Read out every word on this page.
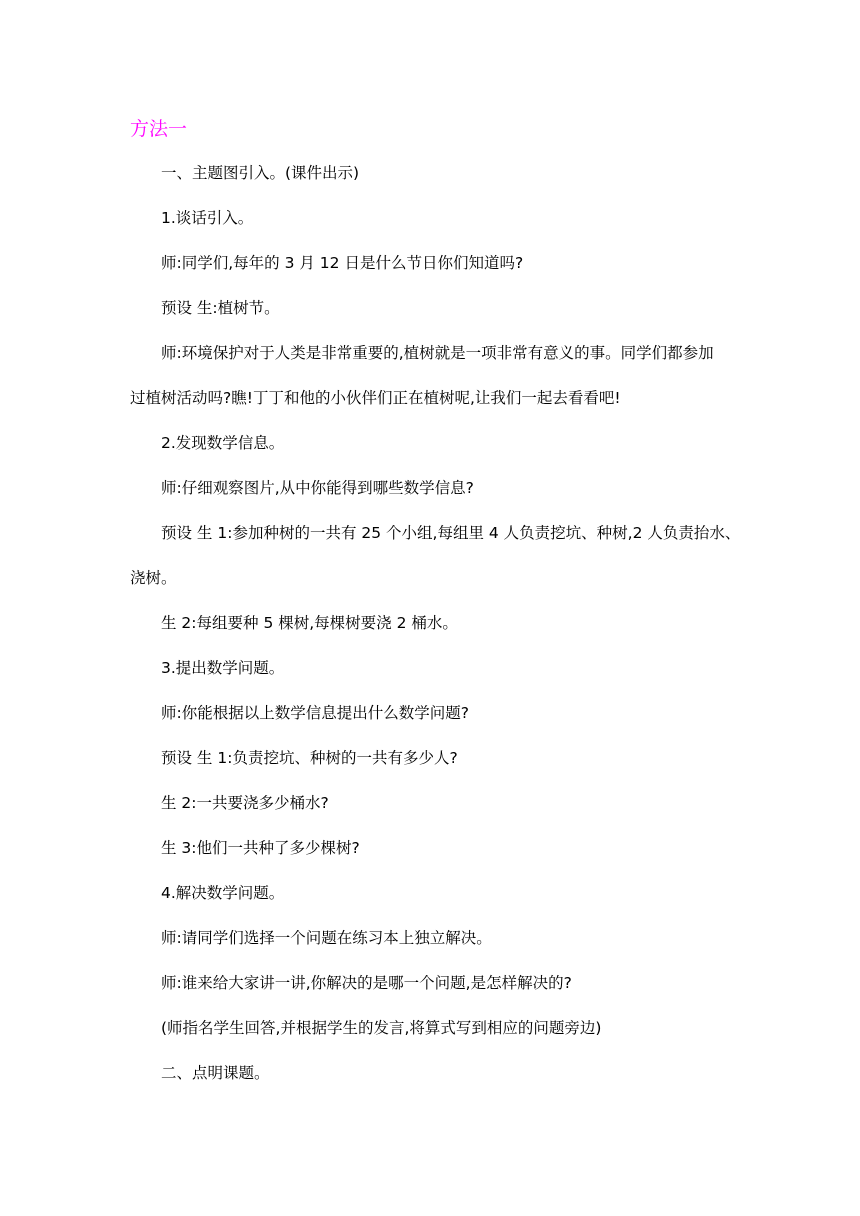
方法一
一、主题图引入。(课件出示)
1.谈话引入。
师:同学们,每年的 3 月 12 日是什么节日你们知道吗?
预设 生:植树节。
师:环境保护对于人类是非常重要的,植树就是一项非常有意义的事。同学们都参加
过植树活动吗?瞧!丁丁和他的小伙伴们正在植树呢,让我们一起去看看吧!
2.发现数学信息。
师:仔细观察图片,从中你能得到哪些数学信息?
预设 生 1:参加种树的一共有 25 个小组,每组里 4 人负责挖坑、种树,2 人负责抬水、
浇树。
生 2:每组要种 5 棵树,每棵树要浇 2 桶水。
3.提出数学问题。
师:你能根据以上数学信息提出什么数学问题?
预设 生 1:负责挖坑、种树的一共有多少人?
生 2:一共要浇多少桶水?
生 3:他们一共种了多少棵树?
4.解决数学问题。
师:请同学们选择一个问题在练习本上独立解决。
师:谁来给大家讲一讲,你解决的是哪一个问题,是怎样解决的?
(师指名学生回答,并根据学生的发言,将算式写到相应的问题旁边)
二、点明课题。
